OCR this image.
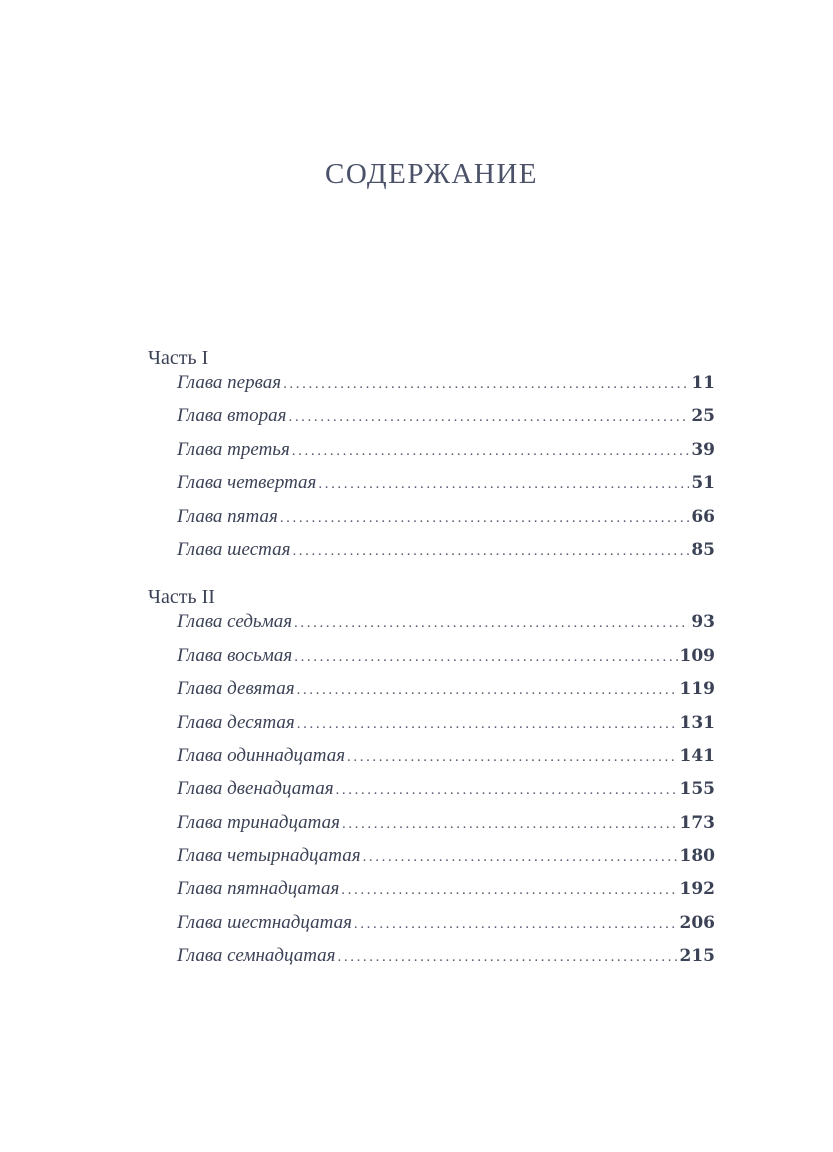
СОДЕРЖАНИЕ
Часть I
Глава первая .....	11
Глава вторая .....	25
Глава третья .....	39
Глава четвертая .....	51
Глава пятая .....	66
Глава шестая .....	85
Часть II
Глава седьмая .....	93
Глава восьмая .....	109
Глава девятая .....	119
Глава десятая .....	131
Глава одиннадцатая .....	141
Глава двенадцатая .....	155
Глава тринадцатая .....	173
Глава четырнадцатая .....	180
Глава пятнадцатая .....	192
Глава шестнадцатая .....	206
Глава семнадцатая .....	215
